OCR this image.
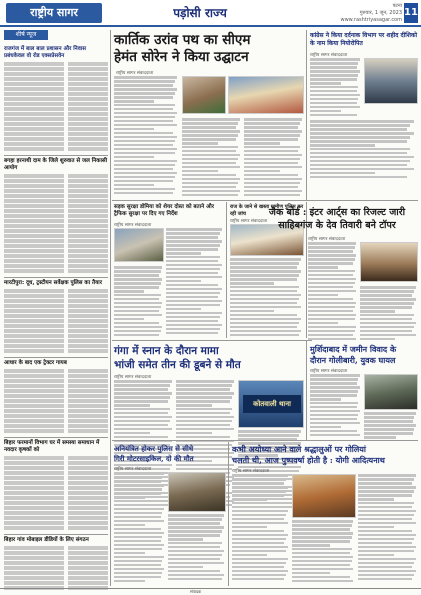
राष्ट्रीय सागर	पड़ोसी राज्य	पटना
गुरुवार, 1 जून, 2023
www.rashtriyasagar.com
11
शीर्ष न्यूज
राजगंज में बाल बाल प्रशासन और निवास प्रबंधकेवल वो रोड एक्सप्रेसवेन
बगहा हरनाथी दाम के जिले शुरुवात से जल निकासी आयोग
मारटीपुरा: दूध, ट्रस्टीयन सर्वेक्षक पुलिस का तैयार
आधार के बाद एक ट्रेक्टर गायब
बिहार फरमानों विभाग घर में समस्या समाधान में नवदार कृषकों को
बिहार गांव मोबाइल डीडियों के लिए संगठन
कार्तिक उरांव पथ का सीएम
हेमंत सोरेन ने किया उद्घाटन
राष्ट्रीय सागर संवाददाता
कांग्रेस ने किया दर्दनाक विभाग पर शहीद दीशिको के नाम किया नियोरोपित
राष्ट्रीय सागर संवाददाता
सड़क सुरक्षा डोमिया को शेयर दोस्त को बताने और ट्रैफिक सुरक्षा पर दिए गए निर्देश
राष्ट्रीय सागर संवाददाता
राज के जाने से खस्ता ग्रामीण पुलिस कर रही जांच
राष्ट्रीय सागर संवाददाता
जैक बोर्ड : इंटर आर्ट्स का रिजल्ट जारी
साहिबगंज के देव तिवारी बने टॉपर
राष्ट्रीय सागर संवाददाता
गंगा में स्नान के दौरान मामा
भांजी समेत तीन की डूबने से मौत
राष्ट्रीय सागर संवाददाता
कोतवाली थाना
मुर्शिदाबाद में जमीन विवाद के
दौरान गोलीबारी, युवक घायल
राष्ट्रीय सागर संवाददाता
अनियंत्रित होकर पुलिस से सीधे
गिरी मोटरसाइकिल, दो की मौत
राष्ट्रीय सागर संवाददाता
कभी अयोध्या आने वाले श्रद्धालुओं पर गोलियां
चलती थी, आज पुष्पवर्षा होती है : योगी आदित्यनाथ
राष्ट्रीय सागर संवाददाता
संपादक
